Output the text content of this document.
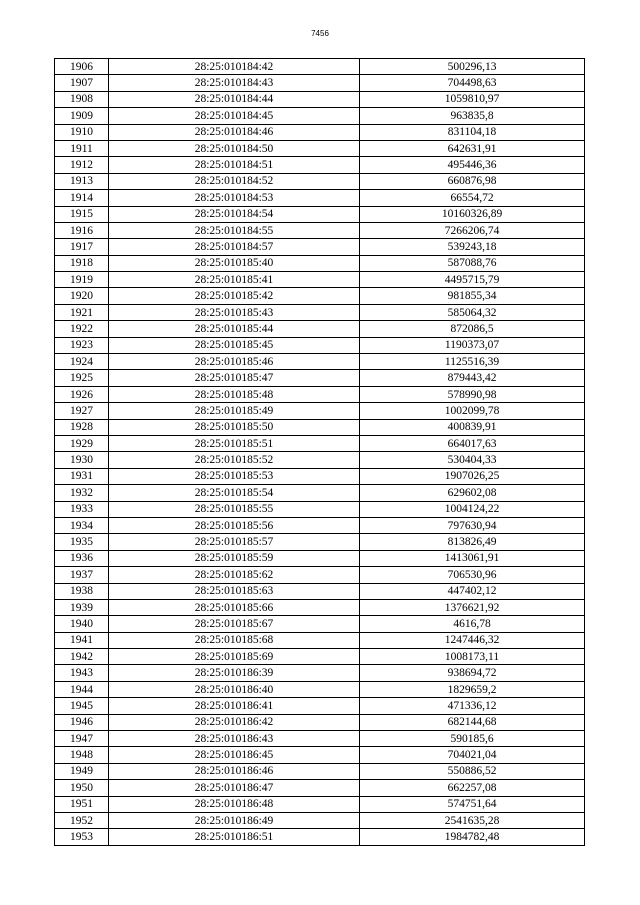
7456
1906	28:25:010184:42	500296,13
1907	28:25:010184:43	704498,63
1908	28:25:010184:44	1059810,97
1909	28:25:010184:45	963835,8
1910	28:25:010184:46	831104,18
1911	28:25:010184:50	642631,91
1912	28:25:010184:51	495446,36
1913	28:25:010184:52	660876,98
1914	28:25:010184:53	66554,72
1915	28:25:010184:54	10160326,89
1916	28:25:010184:55	7266206,74
1917	28:25:010184:57	539243,18
1918	28:25:010185:40	587088,76
1919	28:25:010185:41	4495715,79
1920	28:25:010185:42	981855,34
1921	28:25:010185:43	585064,32
1922	28:25:010185:44	872086,5
1923	28:25:010185:45	1190373,07
1924	28:25:010185:46	1125516,39
1925	28:25:010185:47	879443,42
1926	28:25:010185:48	578990,98
1927	28:25:010185:49	1002099,78
1928	28:25:010185:50	400839,91
1929	28:25:010185:51	664017,63
1930	28:25:010185:52	530404,33
1931	28:25:010185:53	1907026,25
1932	28:25:010185:54	629602,08
1933	28:25:010185:55	1004124,22
1934	28:25:010185:56	797630,94
1935	28:25:010185:57	813826,49
1936	28:25:010185:59	1413061,91
1937	28:25:010185:62	706530,96
1938	28:25:010185:63	447402,12
1939	28:25:010185:66	1376621,92
1940	28:25:010185:67	4616,78
1941	28:25:010185:68	1247446,32
1942	28:25:010185:69	1008173,11
1943	28:25:010186:39	938694,72
1944	28:25:010186:40	1829659,2
1945	28:25:010186:41	471336,12
1946	28:25:010186:42	682144,68
1947	28:25:010186:43	590185,6
1948	28:25:010186:45	704021,04
1949	28:25:010186:46	550886,52
1950	28:25:010186:47	662257,08
1951	28:25:010186:48	574751,64
1952	28:25:010186:49	2541635,28
1953	28:25:010186:51	1984782,48
